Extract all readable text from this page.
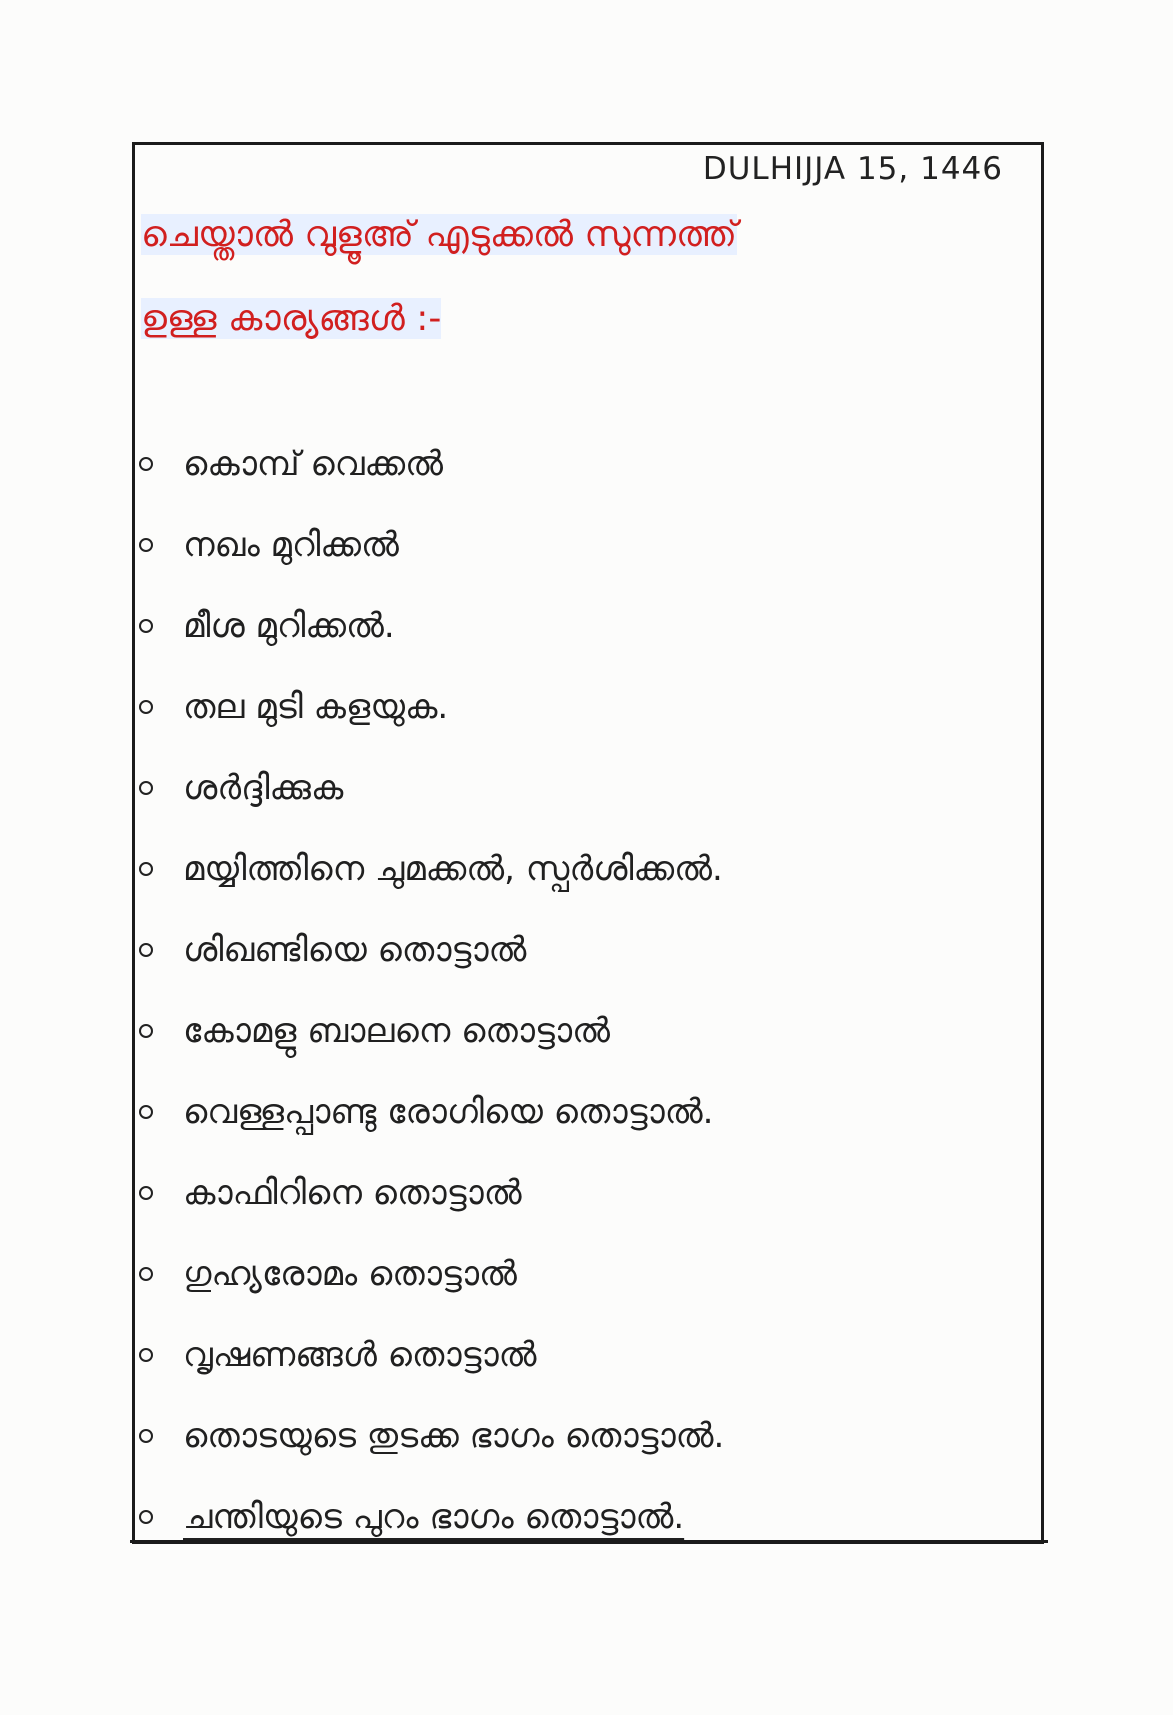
DULHIJJA 15, 1446
ചെയ്താൽ വുളൂഅ് എടുക്കൽ സുന്നത്ത്
ഉള്ള കാര്യങ്ങൾ :-
കൊമ്പ് വെക്കൽ
നഖം മുറിക്കൽ
മീശ മുറിക്കൽ.
തല മുടി കളയുക.
ശർദ്ദിക്കുക
മയ്യിത്തിനെ ചുമക്കൽ, സ്പർശിക്കൽ.
ശിഖണ്ടിയെ തൊട്ടാൽ
കോമളു ബാലനെ തൊട്ടാൽ
വെള്ളപ്പാണ്ടു രോഗിയെ തൊട്ടാൽ.
കാഫിറിനെ തൊട്ടാൽ
ഗുഹ്യരോമം തൊട്ടാൽ
വൃഷണങ്ങൾ തൊട്ടാൽ
തൊടയുടെ തുടക്ക ഭാഗം തൊട്ടാൽ.
ചന്തിയുടെ പുറം ഭാഗം തൊട്ടാൽ.
